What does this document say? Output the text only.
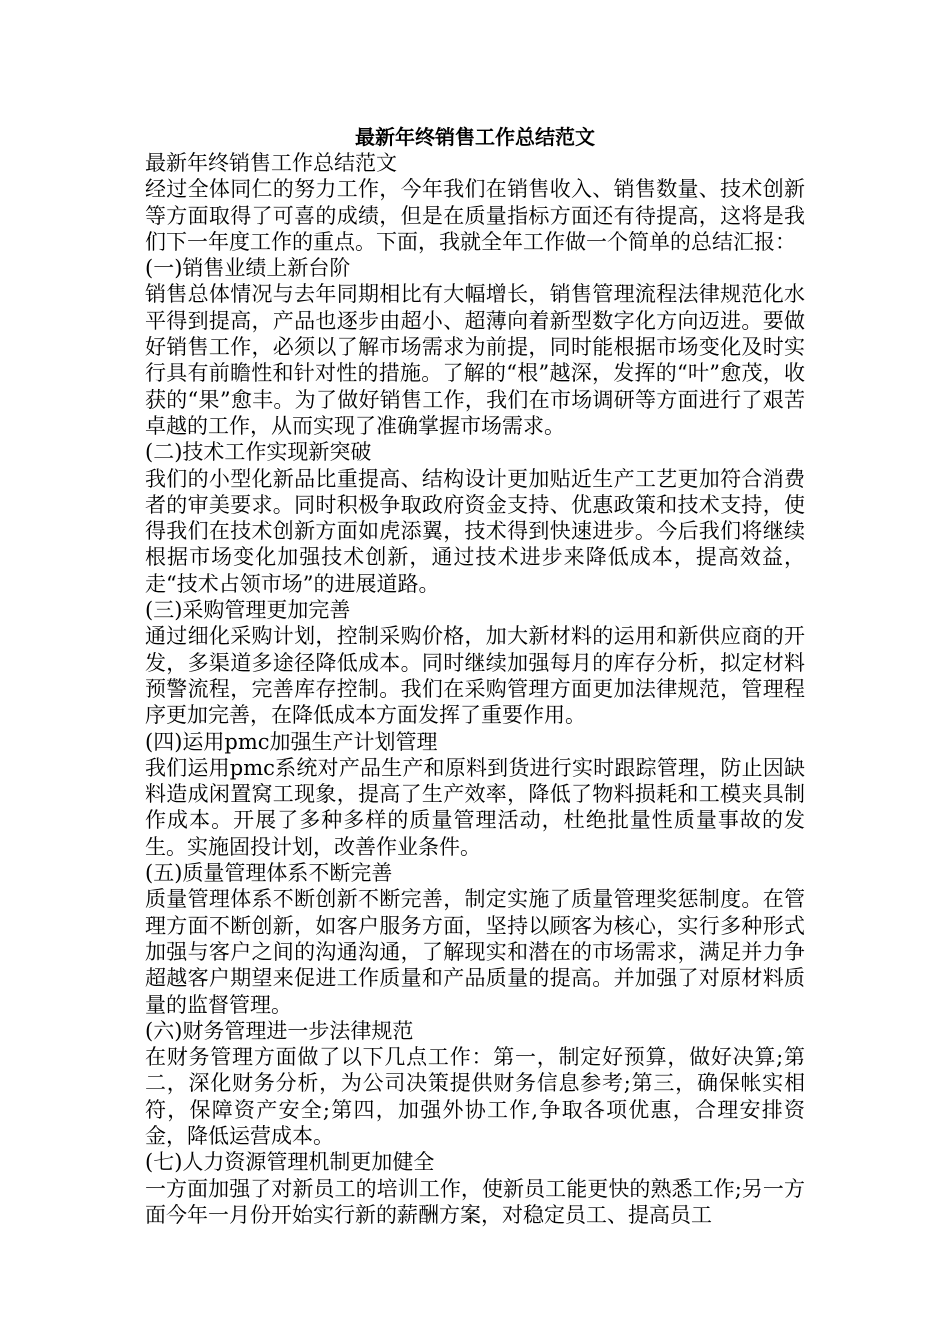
最新年终销售工作总结范文

最新年终销售工作总结范文

经过全体同仁的努力工作，今年我们在销售收入、销售数量、技术创新等方面取得了可喜的成绩，但是在质量指标方面还有待提高，这将是我们下一年度工作的重点。下面，我就全年工作做一个简单的总结汇报：

(一)销售业绩上新台阶

销售总体情况与去年同期相比有大幅增长，销售管理流程法律规范化水平得到提高，产品也逐步由超小、超薄向着新型数字化方向迈进。要做好销售工作，必须以了解市场需求为前提，同时能根据市场变化及时实行具有前瞻性和针对性的措施。了解的“根”越深，发挥的“叶”愈茂，收获的“果”愈丰。为了做好销售工作，我们在市场调研等方面进行了艰苦卓越的工作，从而实现了准确掌握市场需求。

(二)技术工作实现新突破

我们的小型化新品比重提高、结构设计更加贴近生产工艺更加符合消费者的审美要求。同时积极争取政府资金支持、优惠政策和技术支持，使得我们在技术创新方面如虎添翼，技术得到快速进步。今后我们将继续根据市场变化加强技术创新，通过技术进步来降低成本，提高效益，走“技术占领市场”的进展道路。

(三)采购管理更加完善

通过细化采购计划，控制采购价格，加大新材料的运用和新供应商的开发，多渠道多途径降低成本。同时继续加强每月的库存分析，拟定材料预警流程，完善库存控制。我们在采购管理方面更加法律规范，管理程序更加完善，在降低成本方面发挥了重要作用。

(四)运用pmc加强生产计划管理

我们运用pmc系统对产品生产和原料到货进行实时跟踪管理，防止因缺料造成闲置窝工现象，提高了生产效率，降低了物料损耗和工模夹具制作成本。开展了多种多样的质量管理活动，杜绝批量性质量事故的发生。实施固投计划，改善作业条件。

(五)质量管理体系不断完善

质量管理体系不断创新不断完善，制定实施了质量管理奖惩制度。在管理方面不断创新，如客户服务方面，坚持以顾客为核心，实行多种形式加强与客户之间的沟通沟通，了解现实和潜在的市场需求，满足并力争超越客户期望来促进工作质量和产品质量的提高。并加强了对原材料质量的监督管理。

(六)财务管理进一步法律规范

在财务管理方面做了以下几点工作：第一，制定好预算，做好决算;第二，深化财务分析，为公司决策提供财务信息参考;第三，确保帐实相符，保障资产安全;第四，加强外协工作,争取各项优惠，合理安排资金，降低运营成本。

(七)人力资源管理机制更加健全

一方面加强了对新员工的培训工作，使新员工能更快的熟悉工作;另一方面今年一月份开始实行新的薪酬方案，对稳定员工、提高员工
